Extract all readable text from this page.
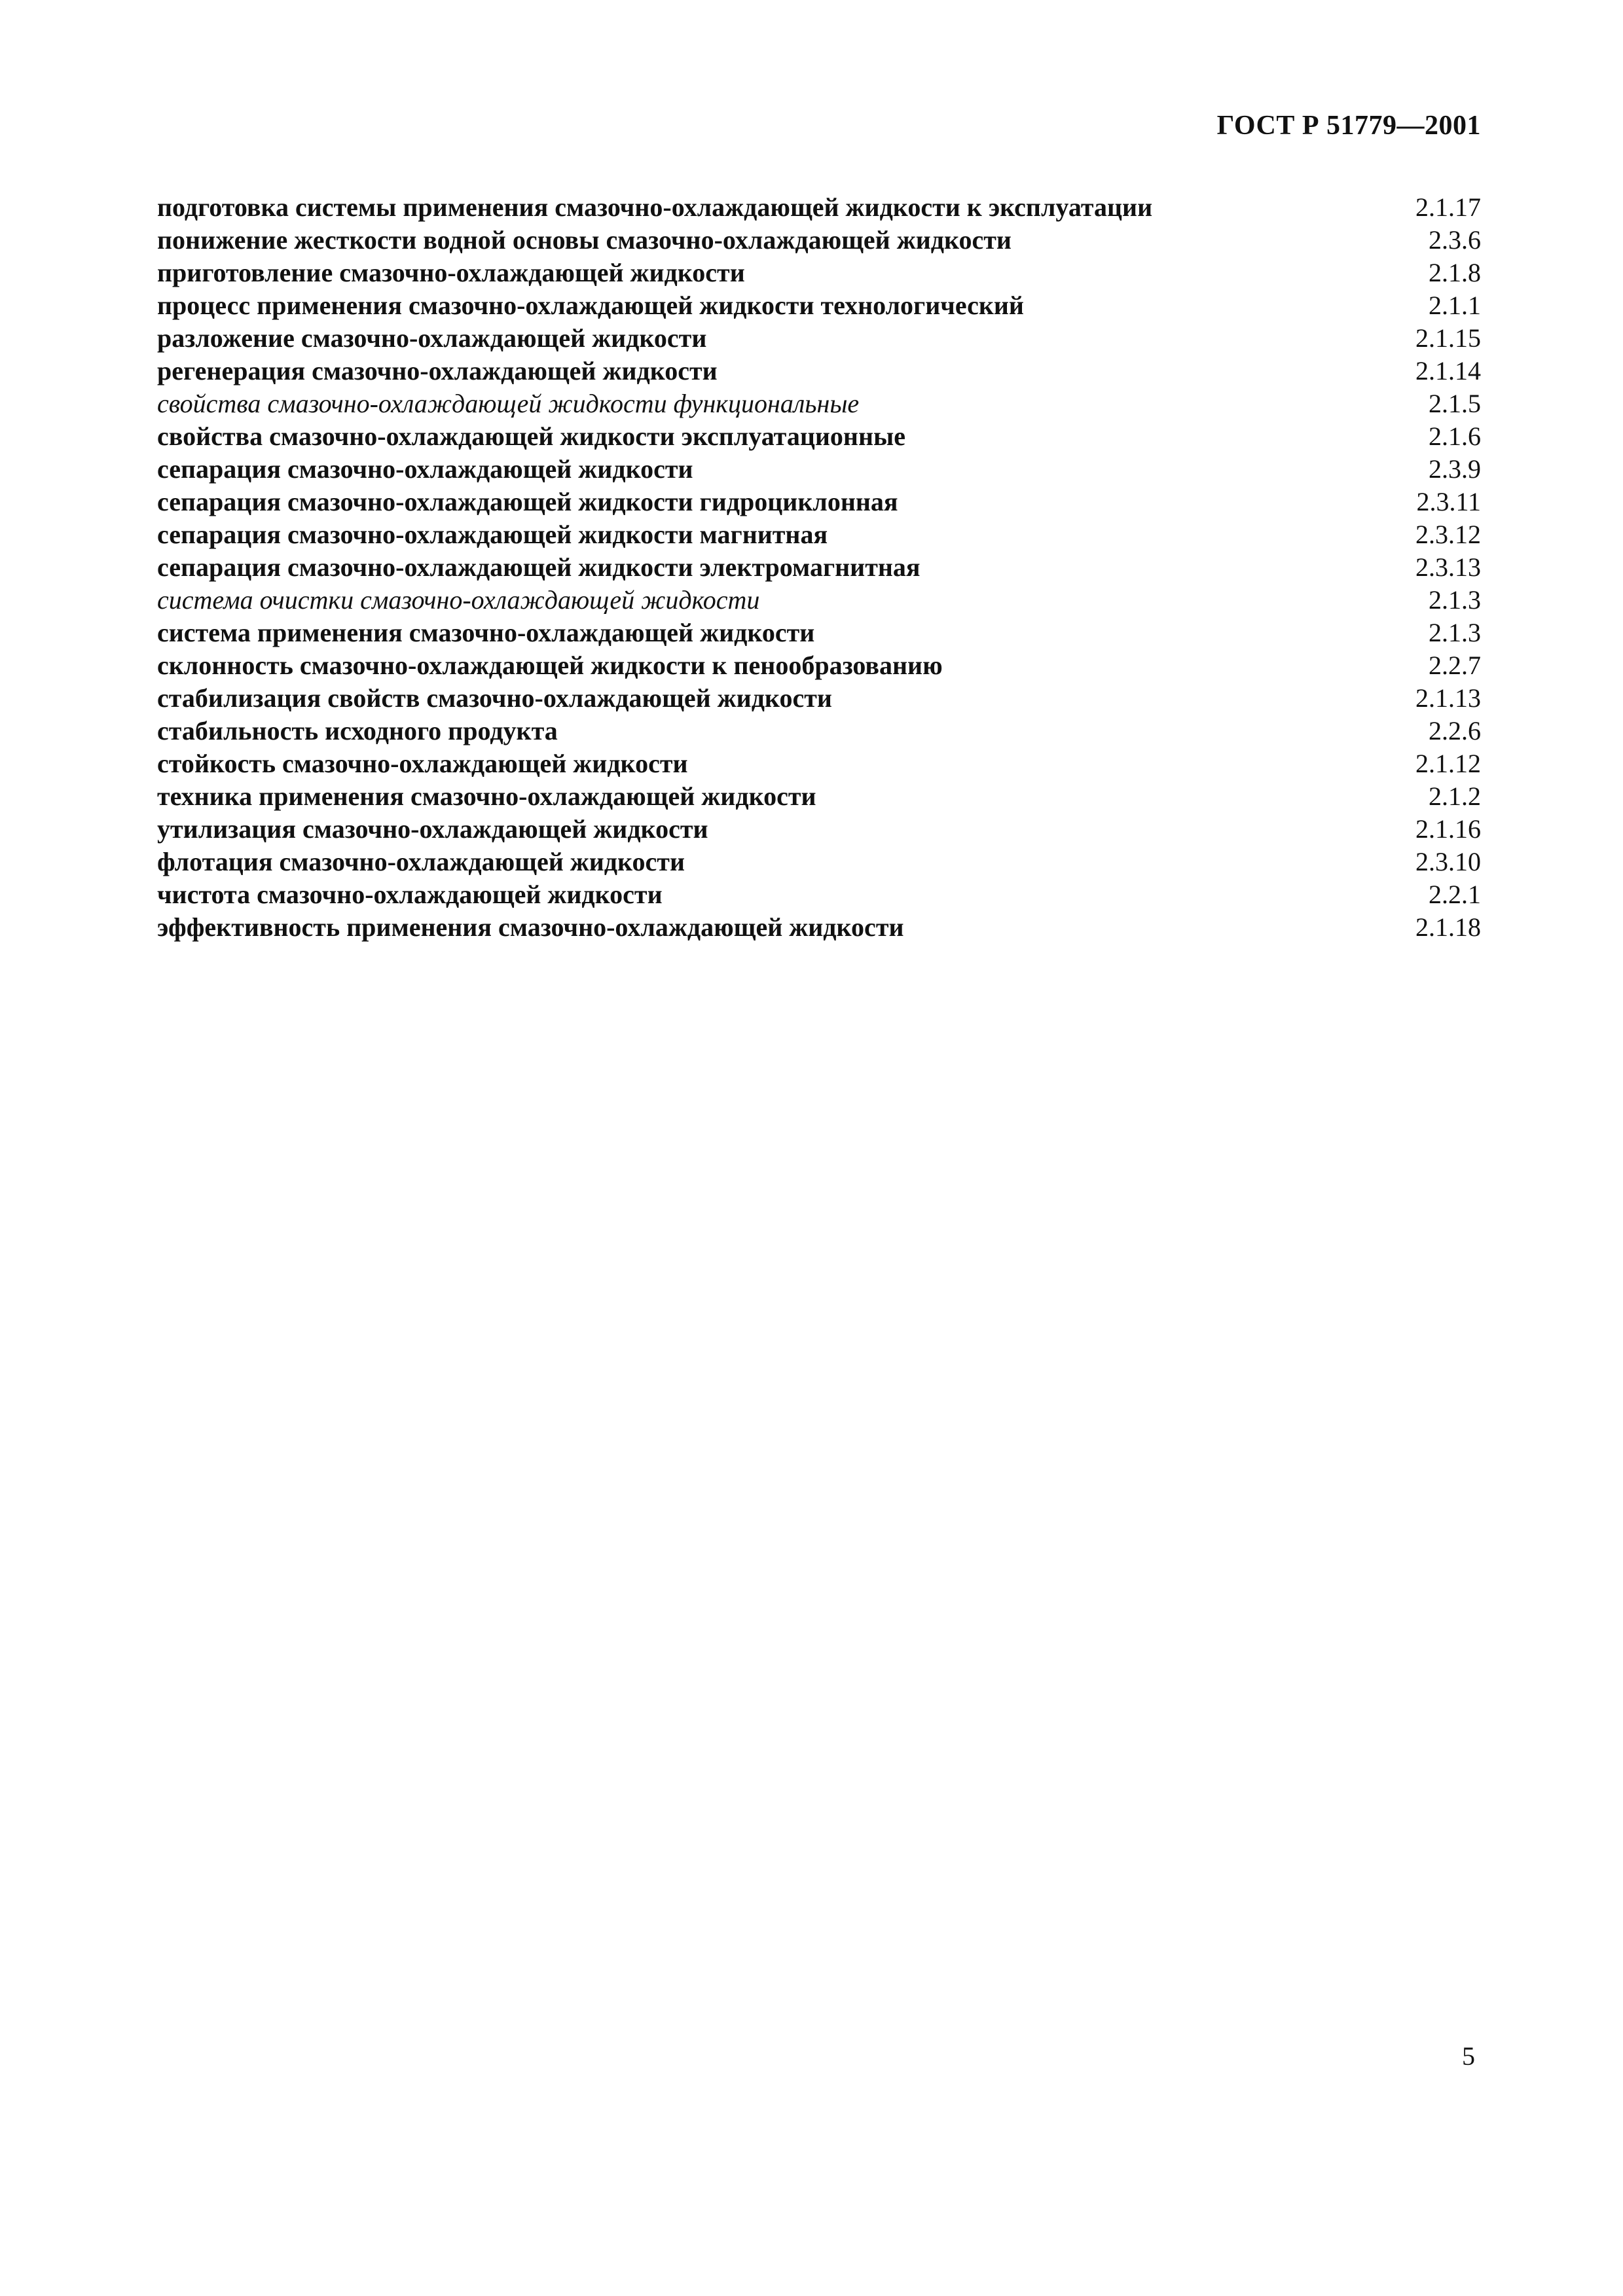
ГОСТ Р 51779—2001
подготовка системы применения смазочно-охлаждающей жидкости к эксплуатации	2.1.17
понижение жесткости водной основы смазочно-охлаждающей жидкости	2.3.6
приготовление смазочно-охлаждающей жидкости	2.1.8
процесс применения смазочно-охлаждающей жидкости технологический	2.1.1
разложение смазочно-охлаждающей жидкости	2.1.15
регенерация смазочно-охлаждающей жидкости	2.1.14
свойства смазочно-охлаждающей жидкости функциональные	2.1.5
свойства смазочно-охлаждающей жидкости эксплуатационные	2.1.6
сепарация смазочно-охлаждающей жидкости	2.3.9
сепарация смазочно-охлаждающей жидкости гидроциклонная	2.3.11
сепарация смазочно-охлаждающей жидкости магнитная	2.3.12
сепарация смазочно-охлаждающей жидкости электромагнитная	2.3.13
система очистки смазочно-охлаждающей жидкости	2.1.3
система применения смазочно-охлаждающей жидкости	2.1.3
склонность смазочно-охлаждающей жидкости к пенообразованию	2.2.7
стабилизация свойств смазочно-охлаждающей жидкости	2.1.13
стабильность исходного продукта	2.2.6
стойкость смазочно-охлаждающей жидкости	2.1.12
техника применения смазочно-охлаждающей жидкости	2.1.2
утилизация смазочно-охлаждающей жидкости	2.1.16
флотация смазочно-охлаждающей жидкости	2.3.10
чистота смазочно-охлаждающей жидкости	2.2.1
эффективность применения смазочно-охлаждающей жидкости	2.1.18
5
